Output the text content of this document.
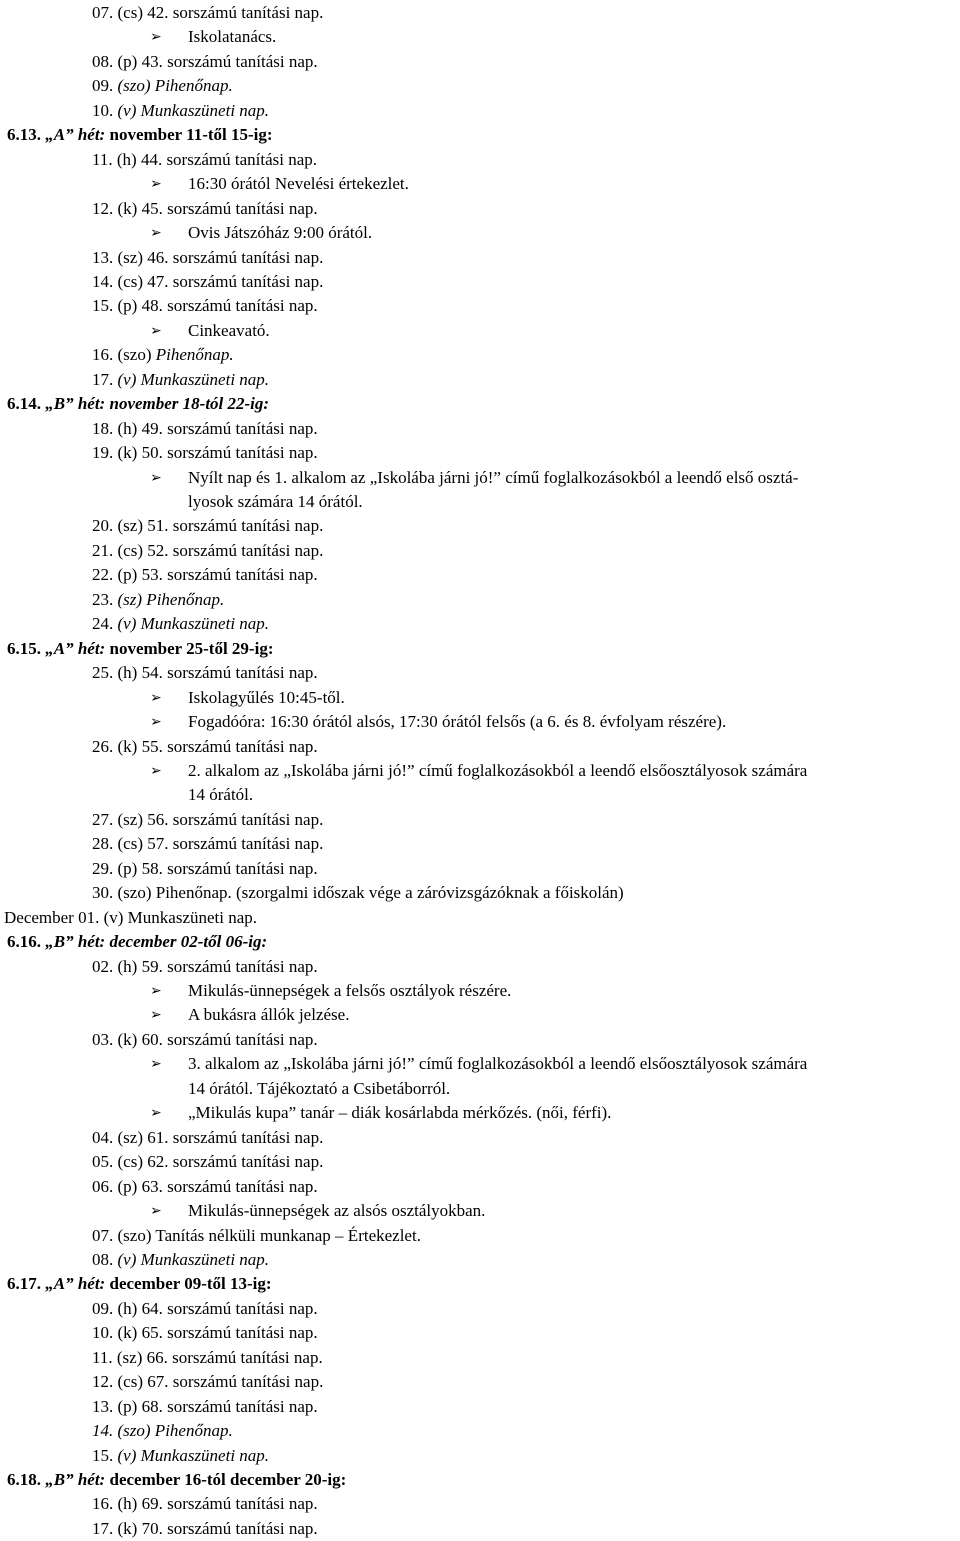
07. (cs) 42. sorszámú tanítási nap.
➢	Iskolatanács.
08. (p) 43. sorszámú tanítási nap.
09. (szo) Pihenőnap.
10. (v) Munkaszüneti nap.
6.13. „A” hét: november 11-től 15-ig:
11. (h) 44. sorszámú tanítási nap.
➢	16:30 órától Nevelési értekezlet.
12. (k) 45. sorszámú tanítási nap.
➢	Ovis Játszóház 9:00 órától.
13. (sz) 46. sorszámú tanítási nap.
14. (cs) 47. sorszámú tanítási nap.
15. (p) 48. sorszámú tanítási nap.
➢	Cinkeavató.
16. (szo) Pihenőnap.
17. (v) Munkaszüneti nap.
6.14. „B” hét: november 18-tól 22-ig:
18. (h) 49. sorszámú tanítási nap.
19. (k) 50. sorszámú tanítási nap.
➢	Nyílt nap és 1. alkalom az „Iskolába járni jó!” című foglalkozásokból a leendő első osztá-
lyosok számára 14 órától.
20. (sz) 51. sorszámú tanítási nap.
21. (cs) 52. sorszámú tanítási nap.
22. (p) 53. sorszámú tanítási nap.
23. (sz) Pihenőnap.
24. (v) Munkaszüneti nap.
6.15. „A” hét: november 25-től 29-ig:
25. (h) 54. sorszámú tanítási nap.
➢	Iskolagyűlés 10:45-től.
➢	Fogadóóra: 16:30 órától alsós, 17:30 órától felsős (a 6. és 8. évfolyam részére).
26. (k) 55. sorszámú tanítási nap.
➢	2. alkalom az „Iskolába járni jó!” című foglalkozásokból a leendő elsőosztályosok számára
14 órától.
27. (sz) 56. sorszámú tanítási nap.
28. (cs) 57. sorszámú tanítási nap.
29. (p) 58. sorszámú tanítási nap.
30. (szo) Pihenőnap. (szorgalmi időszak vége a záróvizsgázóknak a főiskolán)
December 01. (v) Munkaszüneti nap.
6.16. „B” hét: december 02-től 06-ig:
02. (h) 59. sorszámú tanítási nap.
➢	Mikulás-ünnepségek a felsős osztályok részére.
➢	A bukásra állók jelzése.
03. (k) 60. sorszámú tanítási nap.
➢	3. alkalom az „Iskolába járni jó!” című foglalkozásokból a leendő elsőosztályosok számára
14 órától. Tájékoztató a Csibetáborról.
➢	„Mikulás kupa” tanár – diák kosárlabda mérkőzés. (női, férfi).
04. (sz) 61. sorszámú tanítási nap.
05. (cs) 62. sorszámú tanítási nap.
06. (p) 63. sorszámú tanítási nap.
➢	Mikulás-ünnepségek az alsós osztályokban.
07. (szo) Tanítás nélküli munkanap – Értekezlet.
08. (v) Munkaszüneti nap.
6.17. „A” hét: december 09-től 13-ig:
09. (h) 64. sorszámú tanítási nap.
10. (k) 65. sorszámú tanítási nap.
11. (sz) 66. sorszámú tanítási nap.
12. (cs) 67. sorszámú tanítási nap.
13. (p) 68. sorszámú tanítási nap.
14. (szo) Pihenőnap.
15. (v) Munkaszüneti nap.
6.18. „B” hét: december 16-tól december 20-ig:
16. (h) 69. sorszámú tanítási nap.
17. (k) 70. sorszámú tanítási nap.
